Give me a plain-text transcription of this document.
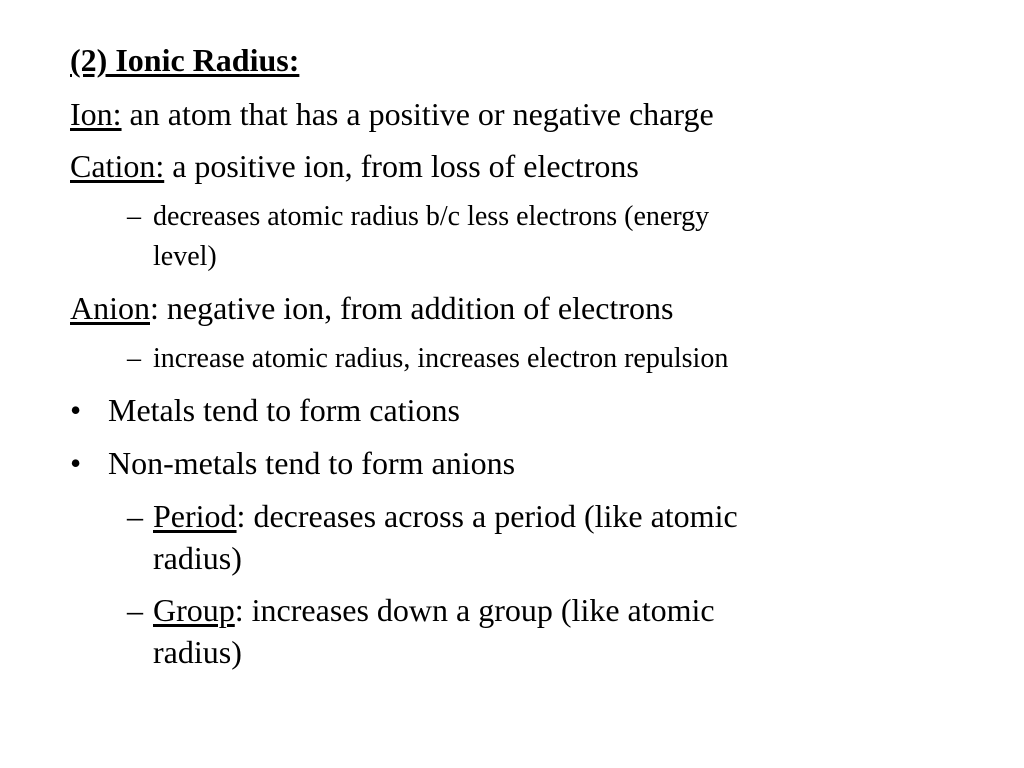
(2) Ionic Radius:
Ion: an atom that has a positive or negative charge
Cation: a positive ion, from loss of electrons
– decreases atomic radius b/c less electrons (energy
level)
Anion: negative ion, from addition of electrons
– increase atomic radius, increases electron repulsion
• Metals tend to form cations
• Non-metals tend to form anions
– Period: decreases across a period (like atomic
radius)
– Group: increases down a group (like atomic
radius)
